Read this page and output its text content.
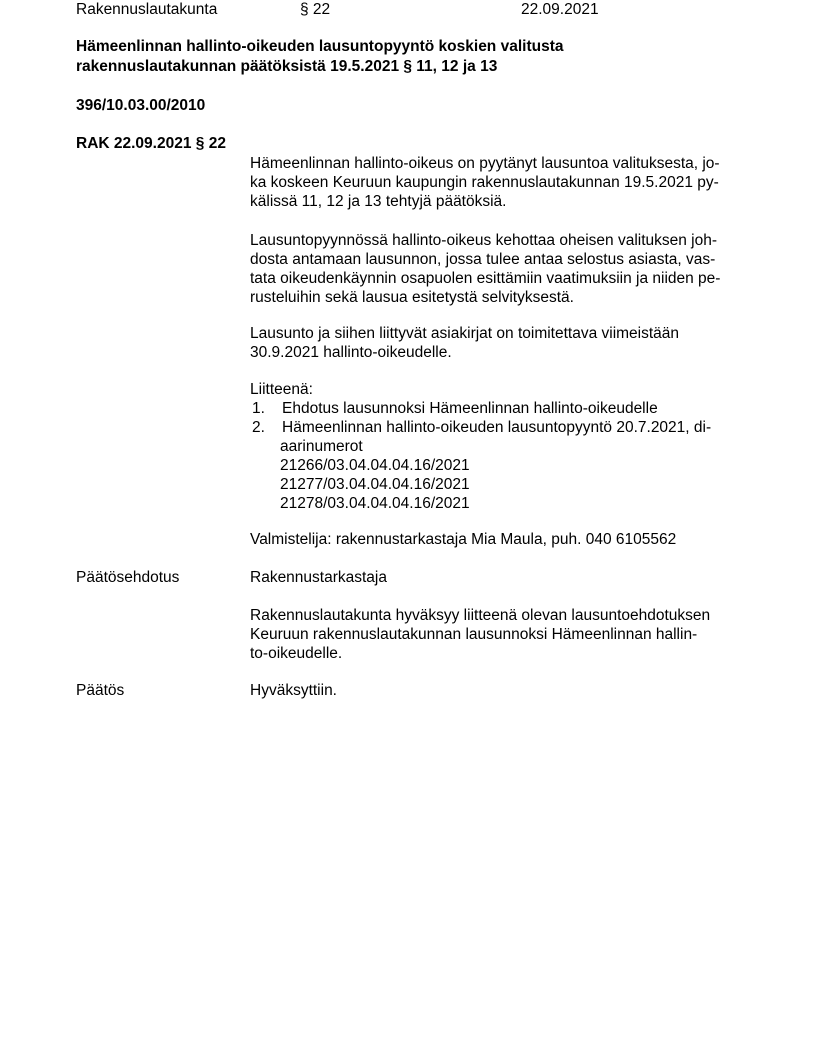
Rakennuslautakunta	§ 22	22.09.2021
Hämeenlinnan hallinto-oikeuden lausuntopyyntö koskien valitusta
rakennuslautakunnan päätöksistä 19.5.2021 § 11, 12 ja 13
396/10.03.00/2010
RAK 22.09.2021 § 22
Hämeenlinnan hallinto-oikeus on pyytänyt lausuntoa valituksesta, jo-
ka koskeen Keuruun kaupungin rakennuslautakunnan 19.5.2021 py-
kälissä 11, 12 ja 13 tehtyjä päätöksiä.
Lausuntopyynnössä hallinto-oikeus kehottaa oheisen valituksen joh-
dosta antamaan lausunnon, jossa tulee antaa selostus asiasta, vas-
tata oikeudenkäynnin osapuolen esittämiin vaatimuksiin ja niiden pe-
rusteluihin sekä lausua esitetystä selvityksestä.
Lausunto ja siihen liittyvät asiakirjat on toimitettava viimeistään
30.9.2021 hallinto-oikeudelle.
Liitteenä:
1. Ehdotus lausunnoksi Hämeenlinnan hallinto-oikeudelle
2. Hämeenlinnan hallinto-oikeuden lausuntopyyntö 20.7.2021, di-
aarinumerot
21266/03.04.04.04.16/2021
21277/03.04.04.04.16/2021
21278/03.04.04.04.16/2021
Valmistelija: rakennustarkastaja Mia Maula, puh. 040 6105562
Päätösehdotus	Rakennustarkastaja
Rakennuslautakunta hyväksyy liitteenä olevan lausuntoehdotuksen
Keuruun rakennuslautakunnan lausunnoksi Hämeenlinnan hallin-
to-oikeudelle.
Päätös	Hyväksyttiin.
